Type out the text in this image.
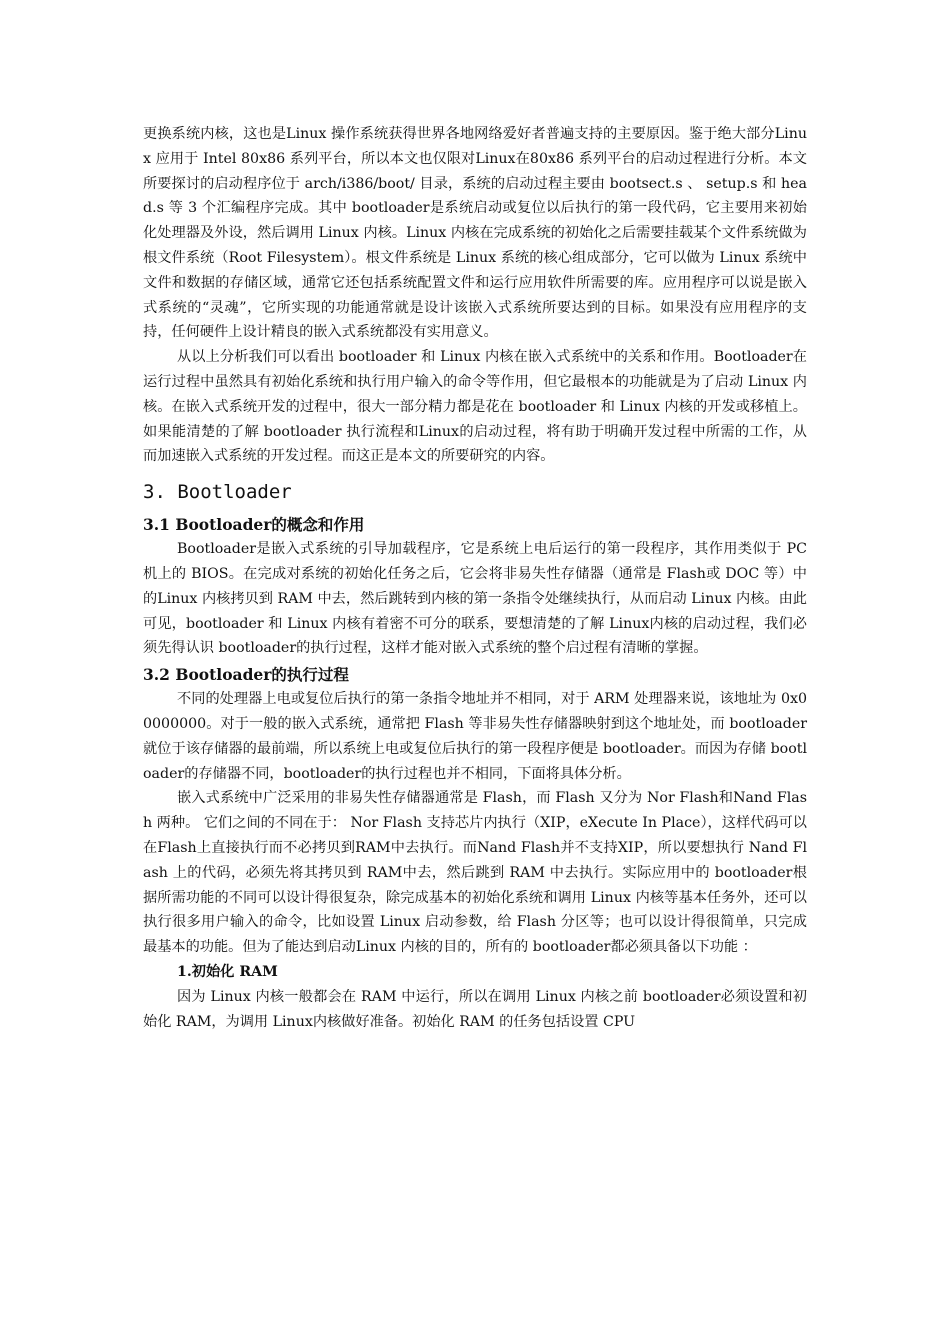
更换系统内核，这也是Linux 操作系统获得世界各地网络爱好者普遍支持的主要原因。鉴于绝大部分Linux 应用于 Intel 80x86 系列平台，所以本文也仅限对Linux在80x86 系列平台的启动过程进行分析。本文所要探讨的启动程序位于 arch/i386/boot/ 目录，系统的启动过程主要由 bootsect.s 、 setup.s 和 head.s 等 3 个汇编程序完成。其中 bootloader是系统启动或复位以后执行的第一段代码，它主要用来初始化处理器及外设，然后调用 Linux 内核。Linux 内核在完成系统的初始化之后需要挂载某个文件系统做为根文件系统（Root Filesystem）。根文件系统是 Linux 系统的核心组成部分，它可以做为 Linux 系统中文件和数据的存储区域，通常它还包括系统配置文件和运行应用软件所需要的库。应用程序可以说是嵌入式系统的“灵魂”，它所实现的功能通常就是设计该嵌入式系统所要达到的目标。如果没有应用程序的支持，任何硬件上设计精良的嵌入式系统都没有实用意义。

从以上分析我们可以看出 bootloader 和 Linux 内核在嵌入式系统中的关系和作用。Bootloader在运行过程中虽然具有初始化系统和执行用户输入的命令等作用，但它最根本的功能就是为了启动 Linux 内核。在嵌入式系统开发的过程中，很大一部分精力都是花在 bootloader 和 Linux 内核的开发或移植上。如果能清楚的了解 bootloader 执行流程和Linux的启动过程，将有助于明确开发过程中所需的工作，从而加速嵌入式系统的开发过程。而这正是本文的所要研究的内容。

3. Bootloader
3.1 Bootloader的概念和作用

Bootloader是嵌入式系统的引导加载程序，它是系统上电后运行的第一段程序，其作用类似于 PC 机上的 BIOS。在完成对系统的初始化任务之后，它会将非易失性存储器（通常是 Flash或 DOC 等）中的Linux 内核拷贝到 RAM 中去，然后跳转到内核的第一条指令处继续执行，从而启动 Linux 内核。由此可见，bootloader 和 Linux 内核有着密不可分的联系，要想清楚的了解 Linux内核的启动过程，我们必须先得认识 bootloader的执行过程，这样才能对嵌入式系统的整个启过程有清晰的掌握。

3.2 Bootloader的执行过程

不同的处理器上电或复位后执行的第一条指令地址并不相同，对于 ARM 处理器来说，该地址为 0x00000000。对于一般的嵌入式系统，通常把 Flash 等非易失性存储器映射到这个地址处，而 bootloader就位于该存储器的最前端，所以系统上电或复位后执行的第一段程序便是 bootloader。而因为存储 bootloader的存储器不同，bootloader的执行过程也并不相同，下面将具体分析。

嵌入式系统中广泛采用的非易失性存储器通常是 Flash，而 Flash 又分为 Nor Flash和Nand Flash 两种。 它们之间的不同在于： Nor Flash 支持芯片内执行（XIP，eXecute In Place），这样代码可以在Flash上直接执行而不必拷贝到RAM中去执行。而Nand Flash并不支持XIP，所以要想执行 Nand Flash 上的代码，必须先将其拷贝到 RAM中去，然后跳到 RAM 中去执行。实际应用中的 bootloader根据所需功能的不同可以设计得很复杂，除完成基本的初始化系统和调用 Linux 内核等基本任务外，还可以执行很多用户输入的命令，比如设置 Linux 启动参数，给 Flash 分区等；也可以设计得很简单，只完成最基本的功能。但为了能达到启动Linux 内核的目的，所有的 bootloader都必须具备以下功能 ：

1.初始化 RAM

因为 Linux 内核一般都会在 RAM 中运行，所以在调用 Linux 内核之前 bootloader必须设置和初始化 RAM，为调用 Linux内核做好准备。初始化 RAM 的任务包括设置 CPU
